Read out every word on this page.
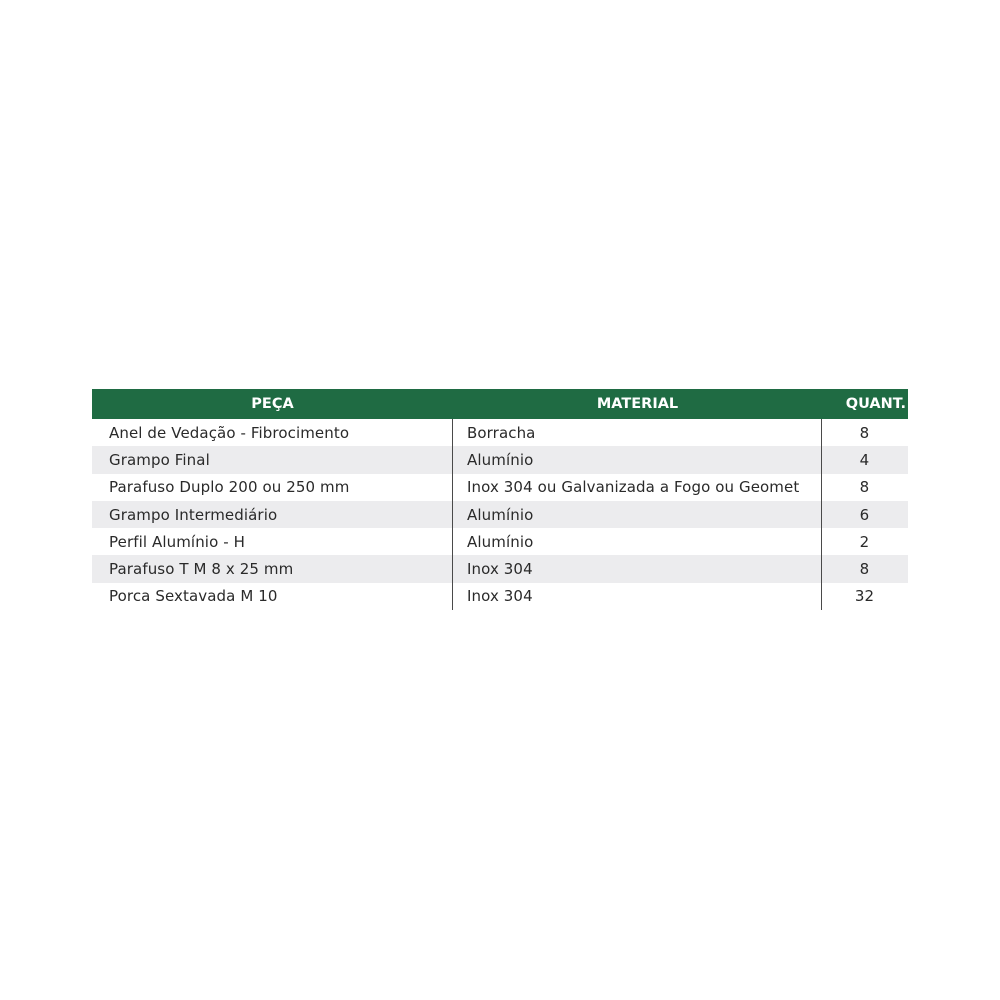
PEÇA	MATERIAL	QUANT.
Anel de Vedação - Fibrocimento	Borracha	8
Grampo Final	Alumínio	4
Parafuso Duplo 200 ou 250 mm	Inox 304 ou Galvanizada a Fogo ou Geomet	8
Grampo Intermediário	Alumínio	6
Perfil Alumínio - H	Alumínio	2
Parafuso T M 8 x 25 mm	Inox 304	8
Porca Sextavada M 10	Inox 304	32
